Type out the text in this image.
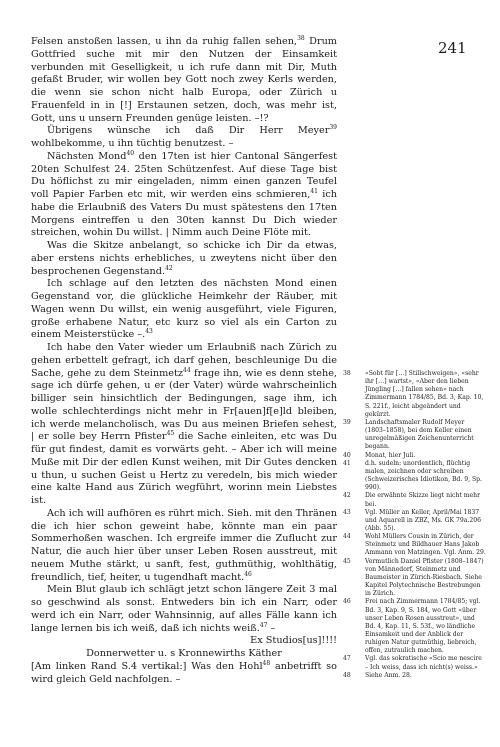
241

Felsen anstoßen lassen, u ihn da ruhig fallen sehen,$^{38}$ Drum Gottfried suche mit mir den Nutzen der Einsamkeit verbunden mit Geselligkeit, u ich rufe dann mit Dir, Muth gefaßt Bruder, wir wollen bey Gott noch zwey Kerls werden, die wenn sie schon nicht halb Europa, oder Zürich u Frauenfeld in in [!] Erstaunen setzen, doch, was mehr ist, Gott, uns u unsern Freunden genüge leisten. –!?

Übrigens wünsche ich daß Dir Herr Meyer$^{39}$ wohlbekomme, u ihn tüchtig benutzest. –

Nächsten Mond$^{40}$ den 17ten ist hier Cantonal Sängerfest 20ten Schulfest 24. 25ten Schützenfest. Auf diese Tage bist Du höflichst zu mir eingeladen, nimm einen ganzen Teufel voll Papier Farben etc mit, wir werden eins schmieren,$^{41}$ ich habe die Erlaubniß des Vaters Du must spätestens den 17ten Morgens eintreffen u den 30ten kannst Du Dich wieder streichen, wohin Du willst. | Nimm auch Deine Flöte mit.

Was die Skitze anbelangt, so schicke ich Dir da etwas, aber erstens nichts erhebliches, u zweytens nicht über den besprochenen Gegenstand.$^{42}$

Ich schlage auf den letzten des nächsten Mond einen Gegenstand vor, die glückliche Heimkehr der Räuber, mit Wagen wenn Du willst, ein wenig ausgeführt, viele Figuren, große erhabene Natur, etc kurz so viel als ein Carton zu einem Meisterstücke –.$^{43}$

Ich habe den Vater wieder um Erlaubniß nach Zürich zu gehen erbettelt gefragt, ich darf gehen, beschleunige Du die Sache, gehe zu dem Steinmetz$^{44}$ frage ihn, wie es denn stehe, sage ich dürfe gehen, u er (der Vater) würde wahrscheinlich billiger sein hinsichtlich der Bedingungen, sage ihm, ich wolle schlechterdings nicht mehr in Fr[auen]f[e]ld bleiben, ich werde melancholisch, was Du aus meinen Briefen sehest, | er solle bey Herrn Pfister$^{45}$ die Sache einleiten, etc was Du für gut findest, damit es vorwärts geht. – Aber ich will meine Muße mit Dir der edlen Kunst weihen, mit Dir Gutes dencken u thun, u suchen Geist u Hertz zu veredeln, bis mich wieder eine kalte Hand aus Zürich wegführt, worinn mein Liebstes ist.

Ach ich will aufhören es rührt mich. Sieh. mit den Thränen die ich hier schon geweint habe, könnte man ein paar Sommerhoßen waschen. Ich ergreife immer die Zuflucht zur Natur, die auch hier über unser Leben Rosen ausstreut, mit neuem Muthe stärkt, u sanft, fest, guthmüthig, wohlthätig, freundlich, tief, heiter, u tugendhaft macht.$^{46}$

Mein Blut glaub ich schlägt jetzt schon längere Zeit 3 mal so geschwind als sonst. Entweders bin ich ein Narr, oder werd ich ein Narr, oder Wahnsinnig, auf alles Fälle kann ich lange lernen bis ich weiß, daß ich nichts weiß.$^{47}$ –

Ex Studios[us]!!!!

Donnerwetter u. s Kronnewirths Käther

[Am linken Rand S.4 vertikal:] Was den Hohl$^{48}$ anbetrifft so wird gleich Geld nachfolgen. –

38	«Sobt für […] Stillschweigen», «sehr ihr […] wartst», «Aber den lieben Jüngling […] fallen sehen» nach Zimmermann 1784/85, Bd. 3, Kap. 10, S. 221f., leicht abgeändert und gekürzt.
39	Landschaftsmaler Rudolf Meyer (1803–1858), bei dem Keller einen unregelmäßigen Zeichenunterricht begann.
40	Monat, hier Juli.
41	d.h. sudeln: unordentlich, flüchtig malen, zeichnen oder schreiben (Schweizerisches Idiotikon, Bd. 9, Sp. 990).
42	Die erwähnte Skizze liegt nicht mehr bei.
43	Vgl. Müller an Keller, April/Mai 1837 und Aquarell in ZBZ, Ms. GK 79a.206 (Abb. 55).
44	Wohl Müllers Cousin in Zürich, der Steinmetz und Bildhauer Hans Jakob Ammann von Matzingen. Vgl. Anm. 29.
45	Vermutlich Daniel Pfister (1808–1847) von Männedorf, Steinmetz und Baumeister in Zürich-Riesbach. Siehe Kapitel Polytechnische Bestrebungen in Zürich.
46	Frei nach Zimmermann 1784/85; vgl. Bd. 3, Kap. 9, S. 184, wo Gott «über unser Leben Rosen ausstreut», und Bd. 4, Kap. 11, S. 53f., wo ländliche Einsamkeit und der Anblick der ruhigen Natur gutmüthig, liebreich, offen, zutraulich machen.
47	Vgl. das sokratische «Scio me nescire – Ich weiss, dass ich nicht(s) weiss.»
48	Siehe Anm. 28.
